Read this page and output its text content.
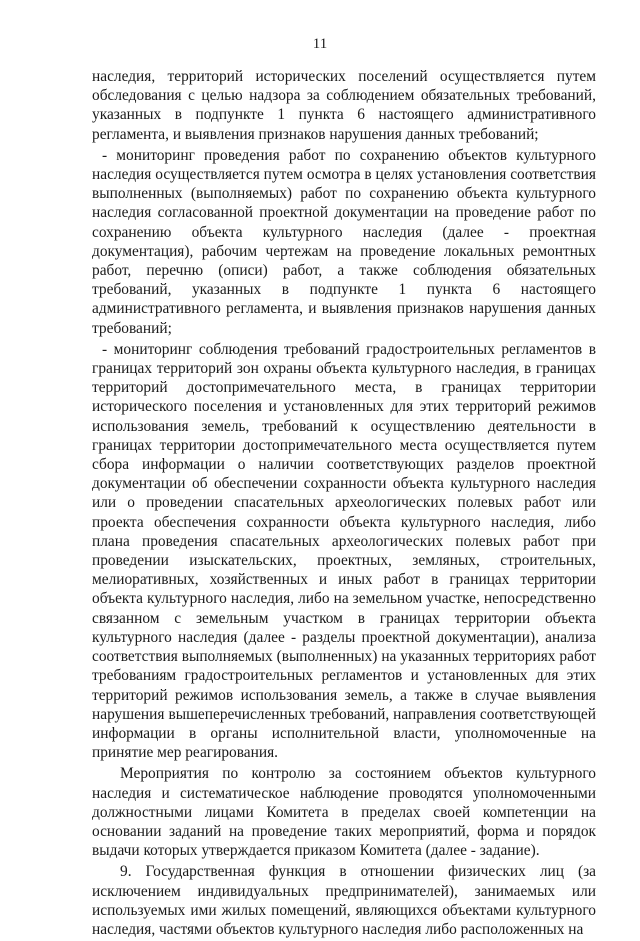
11

наследия, территорий исторических поселений осуществляется путем обследования с целью надзора за соблюдением обязательных требований, указанных в подпункте 1 пункта 6 настоящего административного регламента, и выявления признаков нарушения данных требований;

- мониторинг проведения работ по сохранению объектов культурного наследия осуществляется путем осмотра в целях установления соответствия выполненных (выполняемых) работ по сохранению объекта культурного наследия согласованной проектной документации на проведение работ по сохранению объекта культурного наследия (далее - проектная документация), рабочим чертежам на проведение локальных ремонтных работ, перечню (описи) работ, а также соблюдения обязательных требований, указанных в подпункте 1 пункта 6 настоящего административного регламента, и выявления признаков нарушения данных требований;

- мониторинг соблюдения требований градостроительных регламентов в границах территорий зон охраны объекта культурного наследия, в границах территорий достопримечательного места, в границах территории исторического поселения и установленных для этих территорий режимов использования земель, требований к осуществлению деятельности в границах территории достопримечательного места осуществляется путем сбора информации о наличии соответствующих разделов проектной документации об обеспечении сохранности объекта культурного наследия или о проведении спасательных археологических полевых работ или проекта обеспечения сохранности объекта культурного наследия, либо плана проведения спасательных археологических полевых работ при проведении изыскательских, проектных, земляных, строительных, мелиоративных, хозяйственных и иных работ в границах территории объекта культурного наследия, либо на земельном участке, непосредственно связанном с земельным участком в границах территории объекта культурного наследия (далее - разделы проектной документации), анализа соответствия выполняемых (выполненных) на указанных территориях работ требованиям градостроительных регламентов и установленных для этих территорий режимов использования земель, а также в случае выявления нарушения вышеперечисленных требований, направления соответствующей информации в органы исполнительной власти, уполномоченные на принятие мер реагирования.

Мероприятия по контролю за состоянием объектов культурного наследия и систематическое наблюдение проводятся уполномоченными должностными лицами Комитета в пределах своей компетенции на основании заданий на проведение таких мероприятий, форма и порядок выдачи которых утверждается приказом Комитета (далее - задание).

9. Государственная функция в отношении физических лиц (за исключением индивидуальных предпринимателей), занимаемых или используемых ими жилых помещений, являющихся объектами культурного наследия, частями объектов культурного наследия либо расположенных на
